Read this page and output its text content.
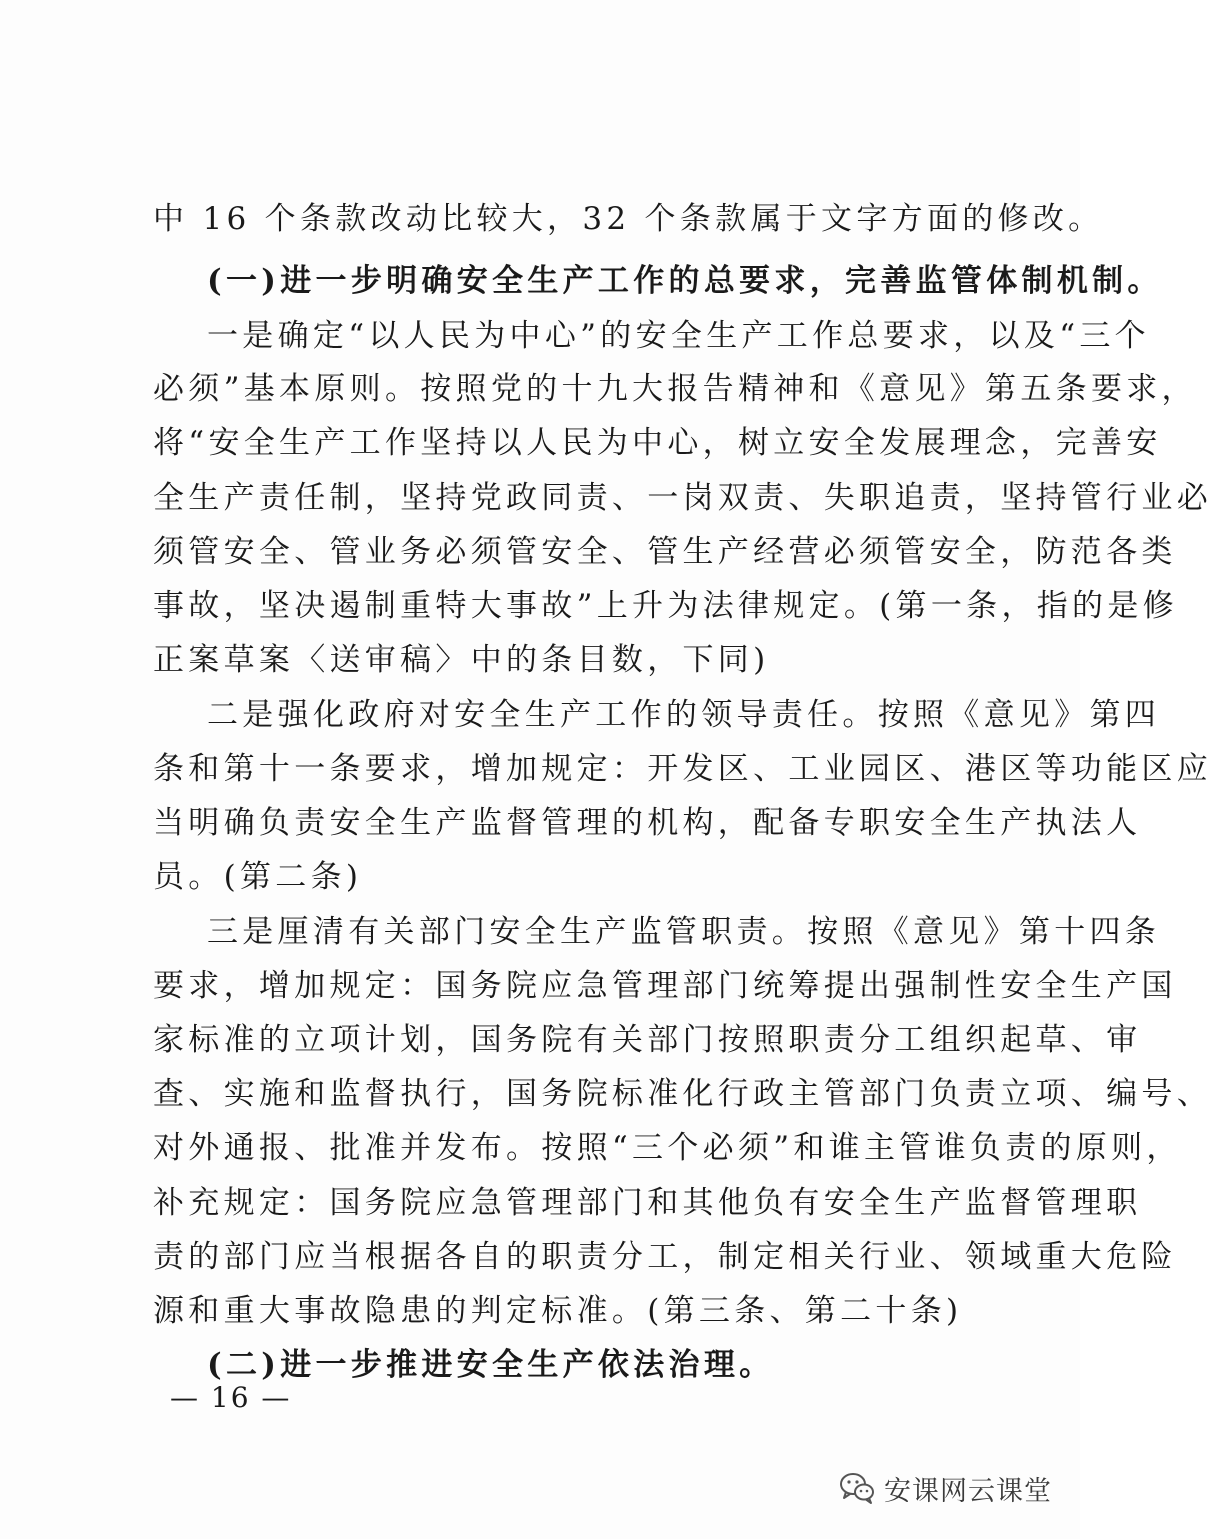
中 16 个条款改动比较大，32 个条款属于文字方面的修改。
(一)进一步明确安全生产工作的总要求，完善监管体制机制。
一是确定“以人民为中心”的安全生产工作总要求，以及“三个
必须”基本原则。按照党的十九大报告精神和《意见》第五条要求，
将“安全生产工作坚持以人民为中心，树立安全发展理念，完善安
全生产责任制，坚持党政同责、一岗双责、失职追责，坚持管行业必
须管安全、管业务必须管安全、管生产经营必须管安全，防范各类
事故，坚决遏制重特大事故”上升为法律规定。(第一条，指的是修
正案草案〈送审稿〉中的条目数，下同)
二是强化政府对安全生产工作的领导责任。按照《意见》第四
条和第十一条要求，增加规定：开发区、工业园区、港区等功能区应
当明确负责安全生产监督管理的机构，配备专职安全生产执法人
员。(第二条)
三是厘清有关部门安全生产监管职责。按照《意见》第十四条
要求，增加规定：国务院应急管理部门统筹提出强制性安全生产国
家标准的立项计划，国务院有关部门按照职责分工组织起草、审
查、实施和监督执行，国务院标准化行政主管部门负责立项、编号、
对外通报、批准并发布。按照“三个必须”和谁主管谁负责的原则，
补充规定：国务院应急管理部门和其他负有安全生产监督管理职
责的部门应当根据各自的职责分工，制定相关行业、领域重大危险
源和重大事故隐患的判定标准。(第三条、第二十条)
(二)进一步推进安全生产依法治理。
— 16 —
安课网云课堂
